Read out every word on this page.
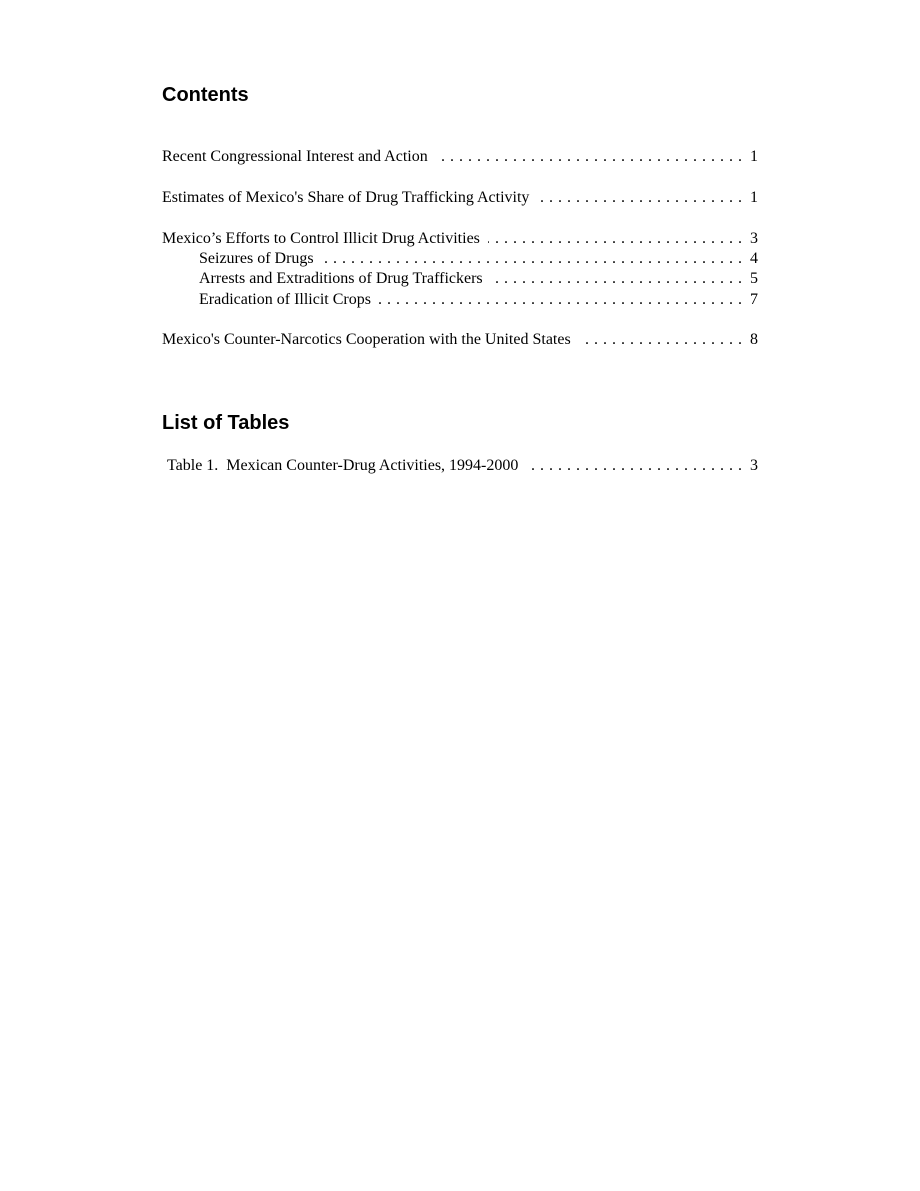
Contents
Recent Congressional Interest and Action . . .	1
Estimates of Mexico's Share of Drug Trafficking Activity . . .	1
Mexico’s Efforts to Control Illicit Drug Activities . . .	3
Seizures of Drugs . . .	4
Arrests and Extraditions of Drug Traffickers . . .	5
Eradication of Illicit Crops . . .	7
Mexico's Counter-Narcotics Cooperation with the United States . . .	8
List of Tables
Table 1.  Mexican Counter-Drug Activities, 1994-2000 . . .	3
